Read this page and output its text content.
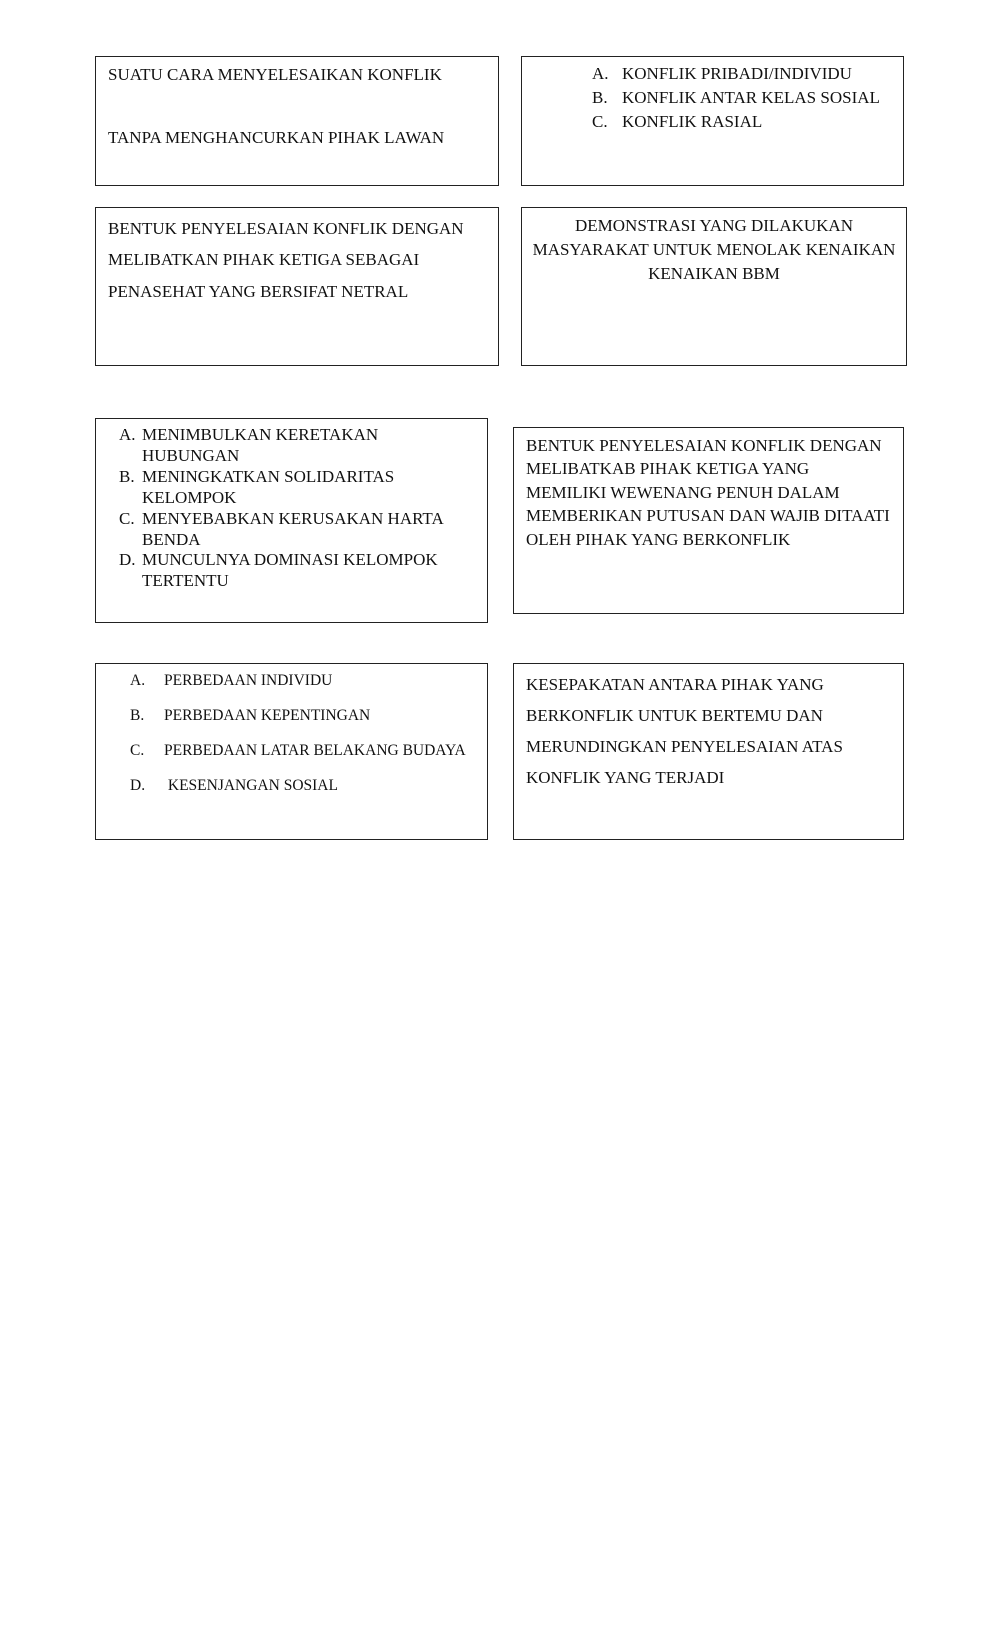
SUATU CARA MENYELESAIKAN KONFLIK

TANPA MENGHANCURKAN PIHAK LAWAN

A. KONFLIK PRIBADI/INDIVIDU
B. KONFLIK ANTAR KELAS SOSIAL
C. KONFLIK RASIAL

BENTUK PENYELESAIAN KONFLIK DENGAN MELIBATKAN PIHAK KETIGA SEBAGAI PENASEHAT YANG BERSIFAT NETRAL

DEMONSTRASI YANG DILAKUKAN MASYARAKAT UNTUK MENOLAK KENAIKAN KENAIKAN BBM

A. MENIMBULKAN KERETAKAN HUBUNGAN
B. MENINGKATKAN SOLIDARITAS KELOMPOK
C. MENYEBABKAN KERUSAKAN HARTA BENDA
D. MUNCULNYA DOMINASI KELOMPOK TERTENTU

BENTUK PENYELESAIAN KONFLIK DENGAN MELIBATKAB PIHAK KETIGA YANG MEMILIKI WEWENANG PENUH DALAM MEMBERIKAN PUTUSAN DAN WAJIB DITAATI OLEH PIHAK YANG BERKONFLIK

A.	PERBEDAAN INDIVIDU
B.	PERBEDAAN KEPENTINGAN
C.	PERBEDAAN LATAR BELAKANG BUDAYA
D.	KESENJANGAN SOSIAL

KESEPAKATAN ANTARA PIHAK YANG BERKONFLIK UNTUK BERTEMU DAN MERUNDINGKAN PENYELESAIAN ATAS KONFLIK YANG TERJADI
